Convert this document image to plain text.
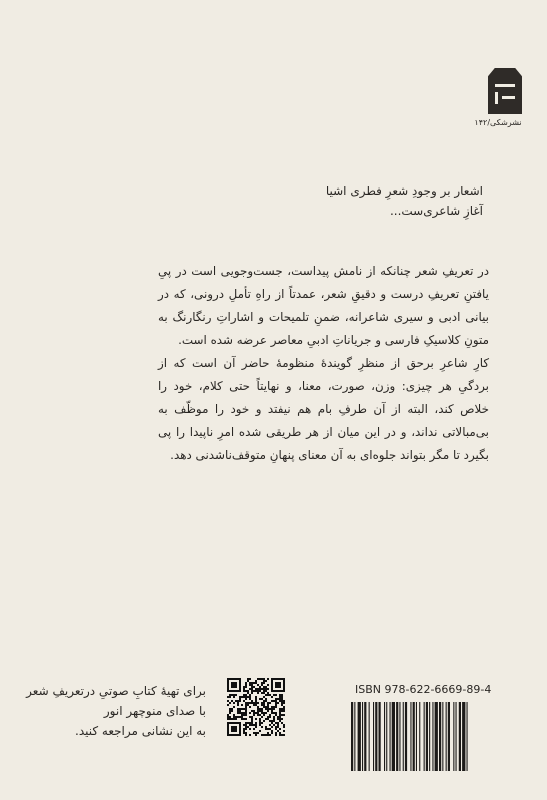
نشرشکی/۱۴۲
اشعار بر وجودِ شعرِ فطری اشیا
آغازِ شاعری‌ست...

در تعریفِ شعر چنانکه از نامش پیداست، جست‌وجویی است در پیِ یافتنِ تعریفِ درست و دقیقِ شعر، عمدتاً از راهِ تأملِ درونی، که در بیانی ادبی و سیری شاعرانه، ضمنِ تلمیحات و اشاراتِ رنگارنگ به متونِ کلاسیکِ فارسی و جریاناتِ ادبیِ معاصر عرضه شده است.

کارِ شاعرِ برحق از منظرِ گویندهٔ منظومهٔ حاضر آن است که از بردگیِ هر چیزی: وزن، صورت، معنا، و نهایتاً حتی کلام، خود را خلاص کند، البته از آن طرفِ بام هم نیفتد و خود را موظّف به بی‌مبالاتی نداند، و در این میان از هر طریقی شده امرِ ناپیدا را پی بگیرد تا مگر بتواند جلوه‌ای به آن معنای پنهانِ متوقف‌ناشدنی دهد.

ISBN 978-622-6669-89-4
برای تهیهٔ کتابِ صوتیِ درتعریفِ شعر
با صدای منوچهر انور
به این نشانی مراجعه کنید.
